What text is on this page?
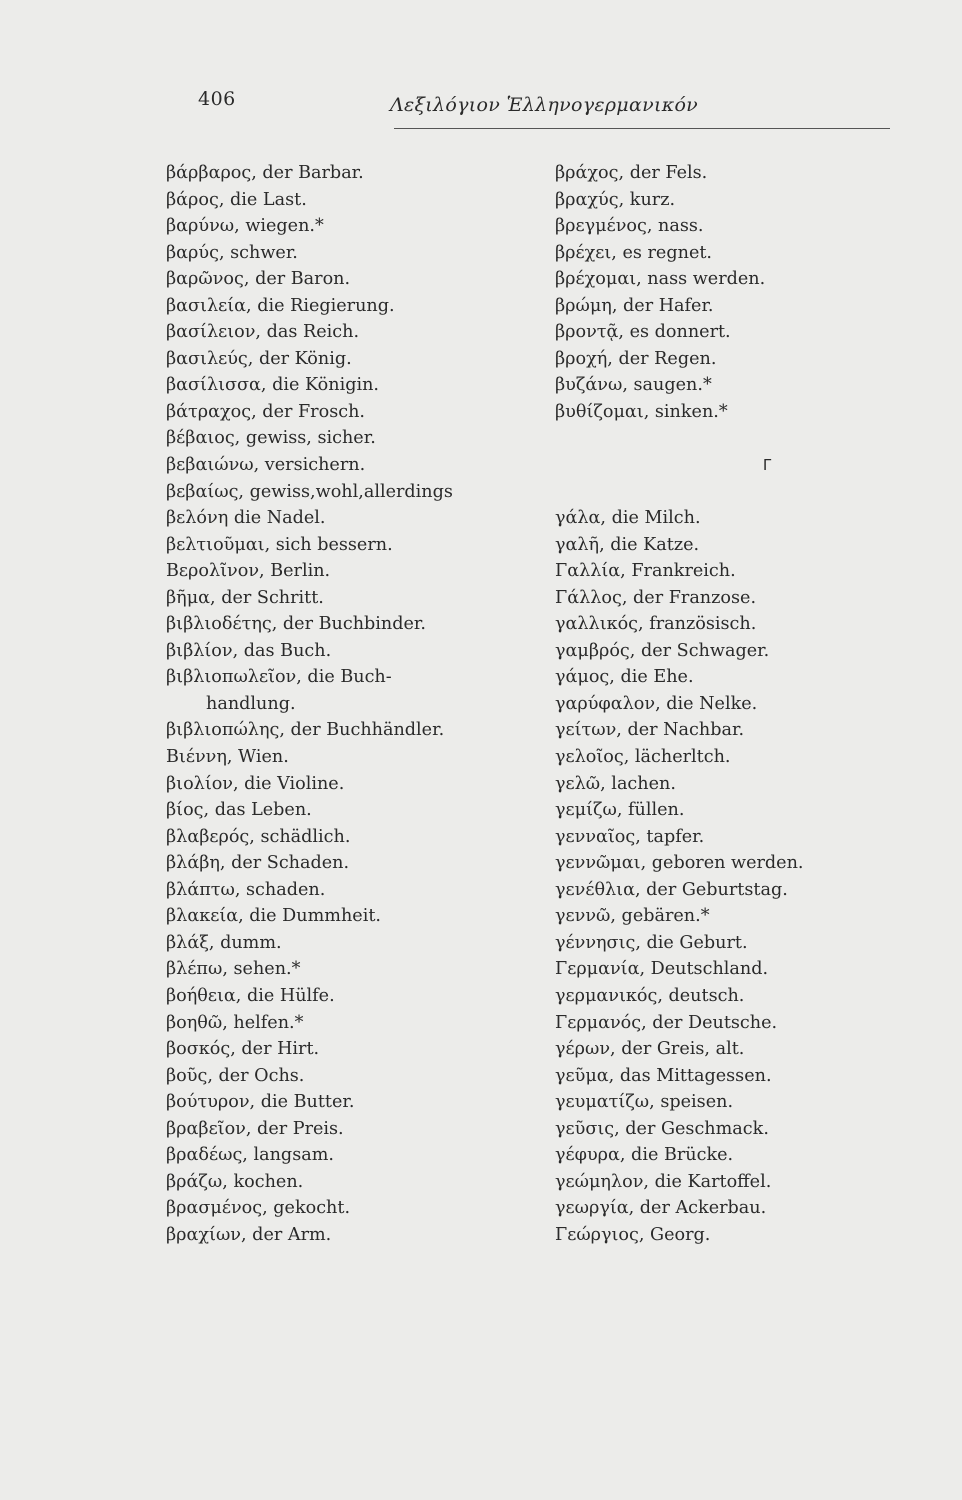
406	Λεξιλόγιον Ἑλληνογερμανικόν
βάρβαρος, der Barbar.
βάρος, die Last.
βαρύνω, wiegen.*
βαρύς, schwer.
βαρῶνος, der Baron.
βασιλεία, die Riegierung.
βασίλειον, das Reich.
βασιλεύς, der König.
βασίλισσα, die Königin.
βάτραχος, der Frosch.
βέβαιος, gewiss, sicher.
βεβαιώνω, versichern.
βεβαίως, gewiss,wohl,allerdings
βελόνη die Nadel.
βελτιοῦμαι, sich bessern.
Βερολῖνον, Berlin.
βῆμα, der Schritt.
βιβλιοδέτης, der Buchbinder.
βιβλίον, das Buch.
βιβλιοπωλεῖον, die Buch-
handlung.
βιβλιοπώλης, der Buchhändler.
Βιέννη, Wien.
βιολίον, die Violine.
βίος, das Leben.
βλαβερός, schädlich.
βλάβη, der Schaden.
βλάπτω, schaden.
βλακεία, die Dummheit.
βλάξ, dumm.
βλέπω, sehen.*
βοήθεια, die Hülfe.
βοηθῶ, helfen.*
βοσκός, der Hirt.
βοῦς, der Ochs.
βούτυρον, die Butter.
βραβεῖον, der Preis.
βραδέως, langsam.
βράζω, kochen.
βρασμένος, gekocht.
βραχίων, der Arm.
βράχος, der Fels.
βραχύς, kurz.
βρεγμένος, nass.
βρέχει, es regnet.
βρέχομαι, nass werden.
βρώμη, der Hafer.
βροντᾷ, es donnert.
βροχή, der Regen.
βυζάνω, saugen.*
βυθίζομαι, sinken.*
Γ
γάλα, die Milch.
γαλῆ, die Katze.
Γαλλία, Frankreich.
Γάλλος, der Franzose.
γαλλικός, französisch.
γαμβρός, der Schwager.
γάμος, die Ehe.
γαρύφαλον, die Nelke.
γείτων, der Nachbar.
γελοῖος, lächerltch.
γελῶ, lachen.
γεμίζω, füllen.
γενναῖος, tapfer.
γεννῶμαι, geboren werden.
γενέθλια, der Geburtstag.
γεννῶ, gebären.*
γέννησις, die Geburt.
Γερμανία, Deutschland.
γερμανικός, deutsch.
Γερμανός, der Deutsche.
γέρων, der Greis, alt.
γεῦμα, das Mittagessen.
γευματίζω, speisen.
γεῦσις, der Geschmack.
γέφυρα, die Brücke.
γεώμηλον, die Kartoffel.
γεωργία, der Ackerbau.
Γεώργιος, Georg.
